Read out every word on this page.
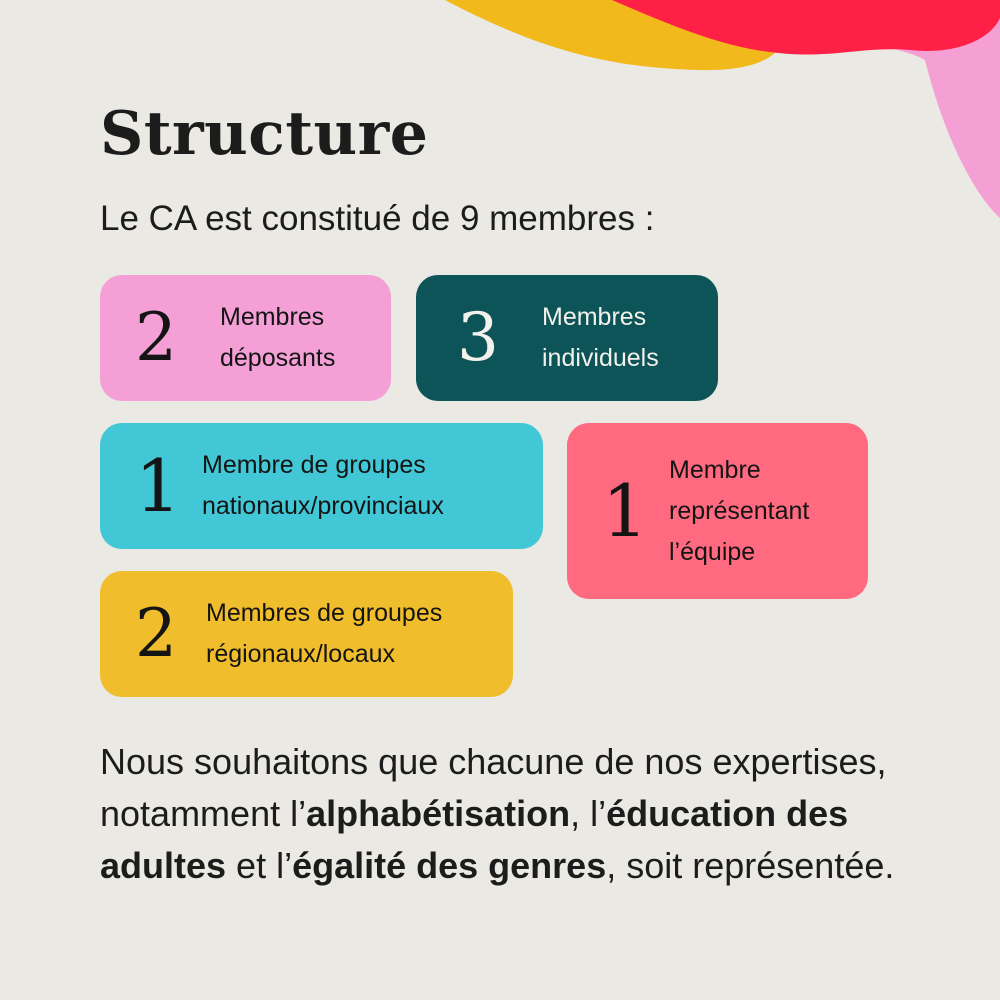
Structure

Le CA est constitué de 9 membres :

2	Membres
déposants 3	Membres
individuels
1 Membre de groupes
nationaux/provinciaux 1 Membre
représentant
l’équipe
2	Membres de groupes
régionaux/locaux

Nous souhaitons que chacune de nos expertises, notamment l’alphabétisation, l’éducation des adultes et l’égalité des genres, soit représentée.
